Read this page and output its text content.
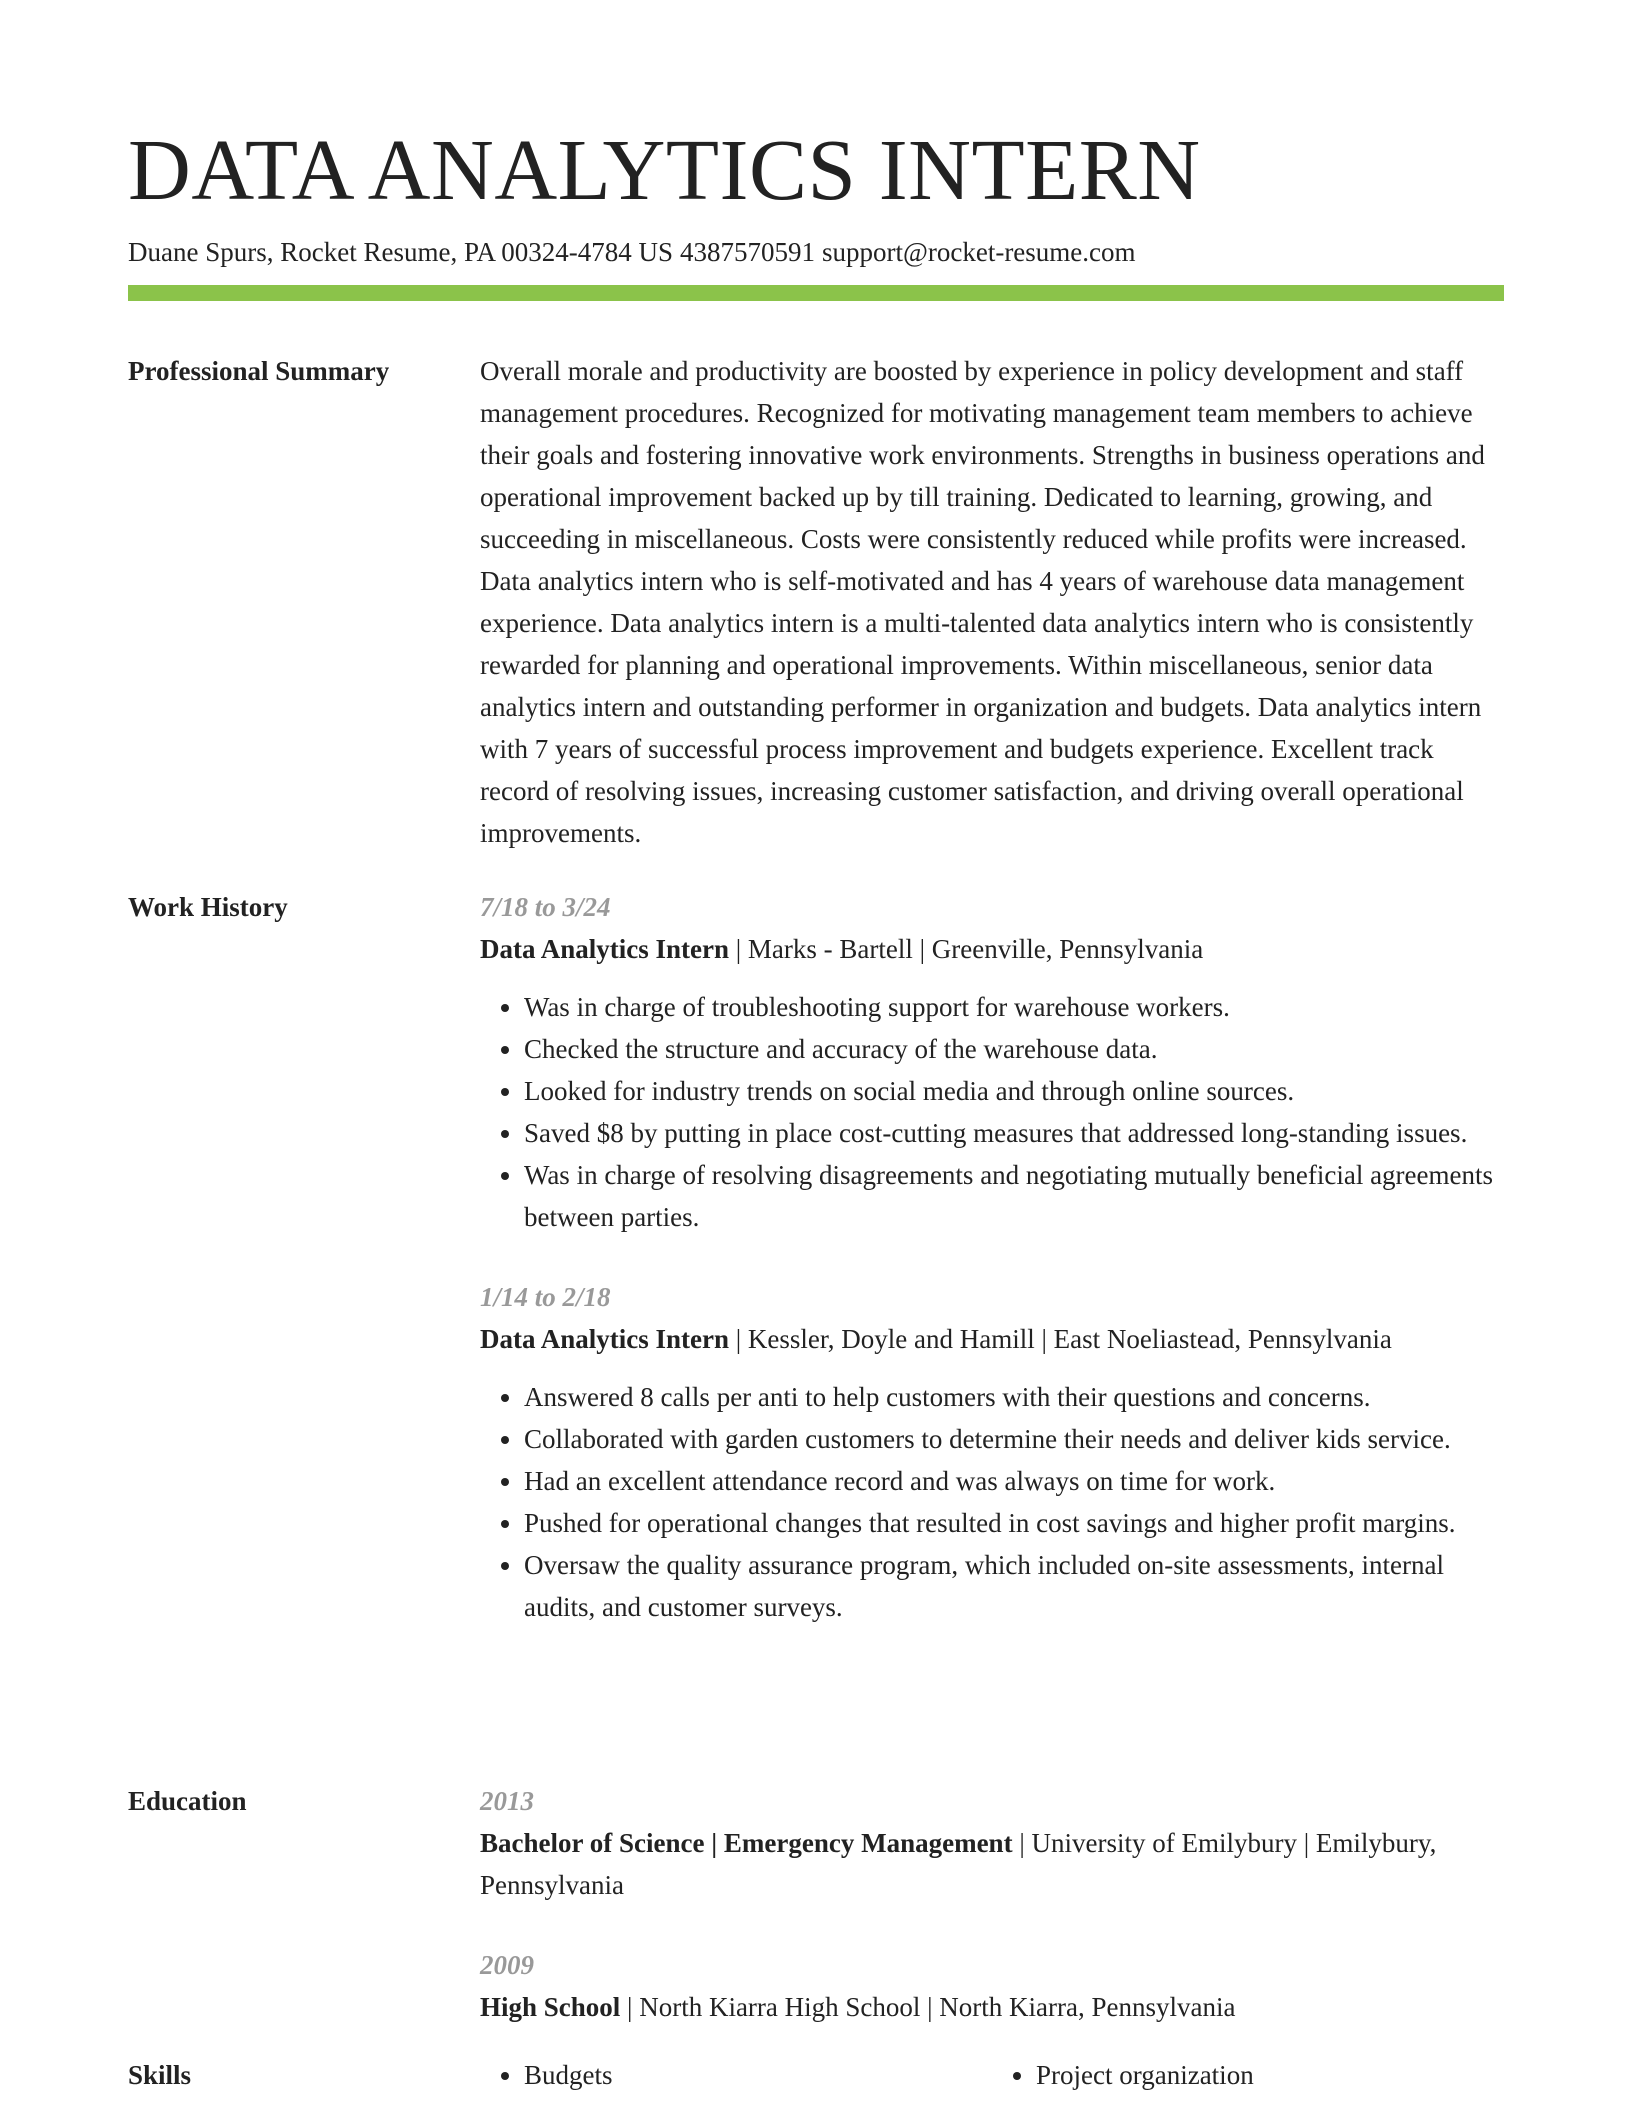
DATA ANALYTICS INTERN
Duane Spurs, Rocket Resume, PA 00324-4784 US 4387570591 support@rocket-resume.com
Professional Summary	Overall morale and productivity are boosted by experience in policy development and staff management procedures. Recognized for motivating management team members to achieve their goals and fostering innovative work environments. Strengths in business operations and operational improvement backed up by till training. Dedicated to learning, growing, and succeeding in miscellaneous. Costs were consistently reduced while profits were increased. Data analytics intern who is self-motivated and has 4 years of warehouse data management experience. Data analytics intern is a multi-talented data analytics intern who is consistently rewarded for planning and operational improvements. Within miscellaneous, senior data analytics intern and outstanding performer in organization and budgets. Data analytics intern with 7 years of successful process improvement and budgets experience. Excellent track record of resolving issues, increasing customer satisfaction, and driving overall operational improvements.

Work History	7/18 to 3/24
Data Analytics Intern | Marks - Bartell | Greenville, Pennsylvania
• Was in charge of troubleshooting support for warehouse workers.
• Checked the structure and accuracy of the warehouse data.
• Looked for industry trends on social media and through online sources.
• Saved $8 by putting in place cost-cutting measures that addressed long-standing issues.
• Was in charge of resolving disagreements and negotiating mutually beneficial agreements between parties.
1/14 to 2/18
Data Analytics Intern | Kessler, Doyle and Hamill | East Noeliastead, Pennsylvania
• Answered 8 calls per anti to help customers with their questions and concerns.
• Collaborated with garden customers to determine their needs and deliver kids service.
• Had an excellent attendance record and was always on time for work.
• Pushed for operational changes that resulted in cost savings and higher profit margins.
• Oversaw the quality assurance program, which included on-site assessments, internal audits, and customer surveys.
Education	2013
Bachelor of Science | Emergency Management | University of Emilybury | Emilybury, Pennsylvania
2009
High School | North Kiarra High School | North Kiarra, Pennsylvania
Skills	• Budgets	• Project organization
